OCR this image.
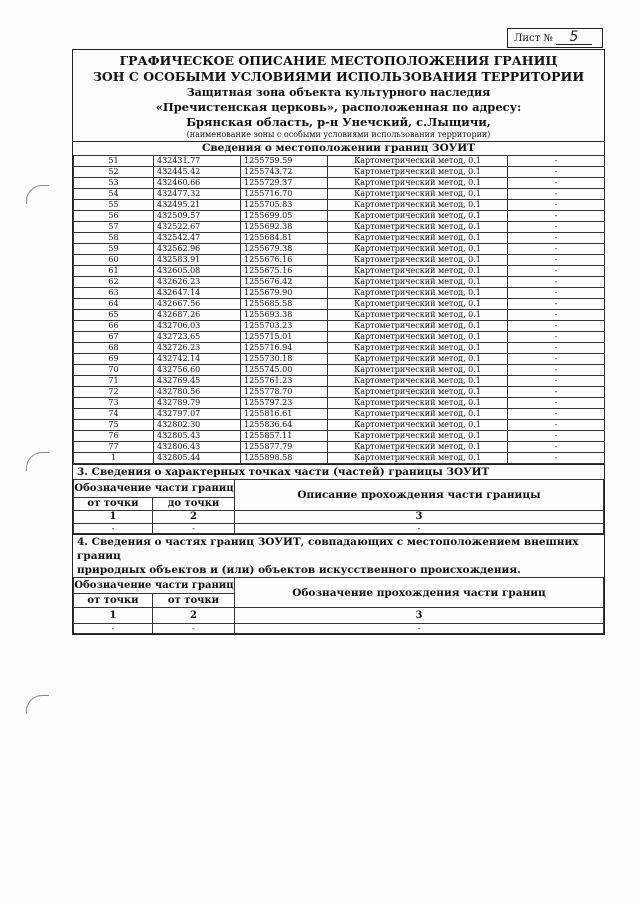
Лист № 5
ГРАФИЧЕСКОЕ ОПИСАНИЕ МЕСТОПОЛОЖЕНИЯ ГРАНИЦ
ЗОН С ОСОБЫМИ УСЛОВИЯМИ ИСПОЛЬЗОВАНИЯ ТЕРРИТОРИИ
Защитная зона объекта культурного наследия
«Пречистенская церковь», расположенная по адресу:
Брянская область, р-н Унечский, с.Лыщичи,
(наименование зоны с особыми условиями использования территории)
Сведения о местоположении границ ЗОУИТ
51	432431.77	1255759.59	Картометрический метод, 0.1	-
52	432445.42	1255743.72	Картометрический метод, 0.1	-
53	432460.66	1255729.37	Картометрический метод, 0.1	-
54	432477.32	1255716.70	Картометрический метод, 0.1	-
55	432495.21	1255705.83	Картометрический метод, 0.1	-
56	432509.57	1255699.05	Картометрический метод, 0.1	-
57	432522.67	1255692.38	Картометрический метод, 0.1	-
58	432542.47	1255684.81	Картометрический метод, 0.1	-
59	432562.96	1255679.38	Картометрический метод, 0.1	-
60	432583.91	1255676.16	Картометрический метод, 0.1	-
61	432605.08	1255675.16	Картометрический метод, 0.1	-
62	432626.23	1255676.42	Картометрический метод, 0.1	-
63	432647.14	1255679.90	Картометрический метод, 0.1	-
64	432667.56	1255685.58	Картометрический метод, 0.1	-
65	432687.26	1255693.38	Картометрический метод, 0.1	-
66	432706.03	1255703.23	Картометрический метод, 0.1	-
67	432723.65	1255715.01	Картометрический метод, 0.1	-
68	432726.23	1255716.94	Картометрический метод, 0.1	-
69	432742.14	1255730.18	Картометрический метод, 0.1	-
70	432756.60	1255745.00	Картометрический метод, 0.1	-
71	432769.45	1255761.23	Картометрический метод, 0.1	-
72	432780.56	1255778.70	Картометрический метод, 0.1	-
73	432789.79	1255797.23	Картометрический метод, 0.1	-
74	432797.07	1255816.61	Картометрический метод, 0.1	-
75	432802.30	1255836.64	Картометрический метод, 0.1	-
76	432805.43	1255857.11	Картометрический метод, 0.1	-
77	432806.43	1255877.79	Картометрический метод, 0.1	-
1	432805.44	1255898.58	Картометрический метод, 0.1	-
3. Сведения о характерных точках части (частей) границы ЗОУИТ
Обозначение части границ		Описание прохождения части границы
от точки	до точки	
1	2	3
-	-	-
4. Сведения о частях границ ЗОУИТ, совпадающих с местоположением внешних границ
природных объектов и (или) объектов искусственного происхождения.
Обозначение части границ		Обозначение прохождения части границ
от точки	от точки	
1	2	3
-	-	-
